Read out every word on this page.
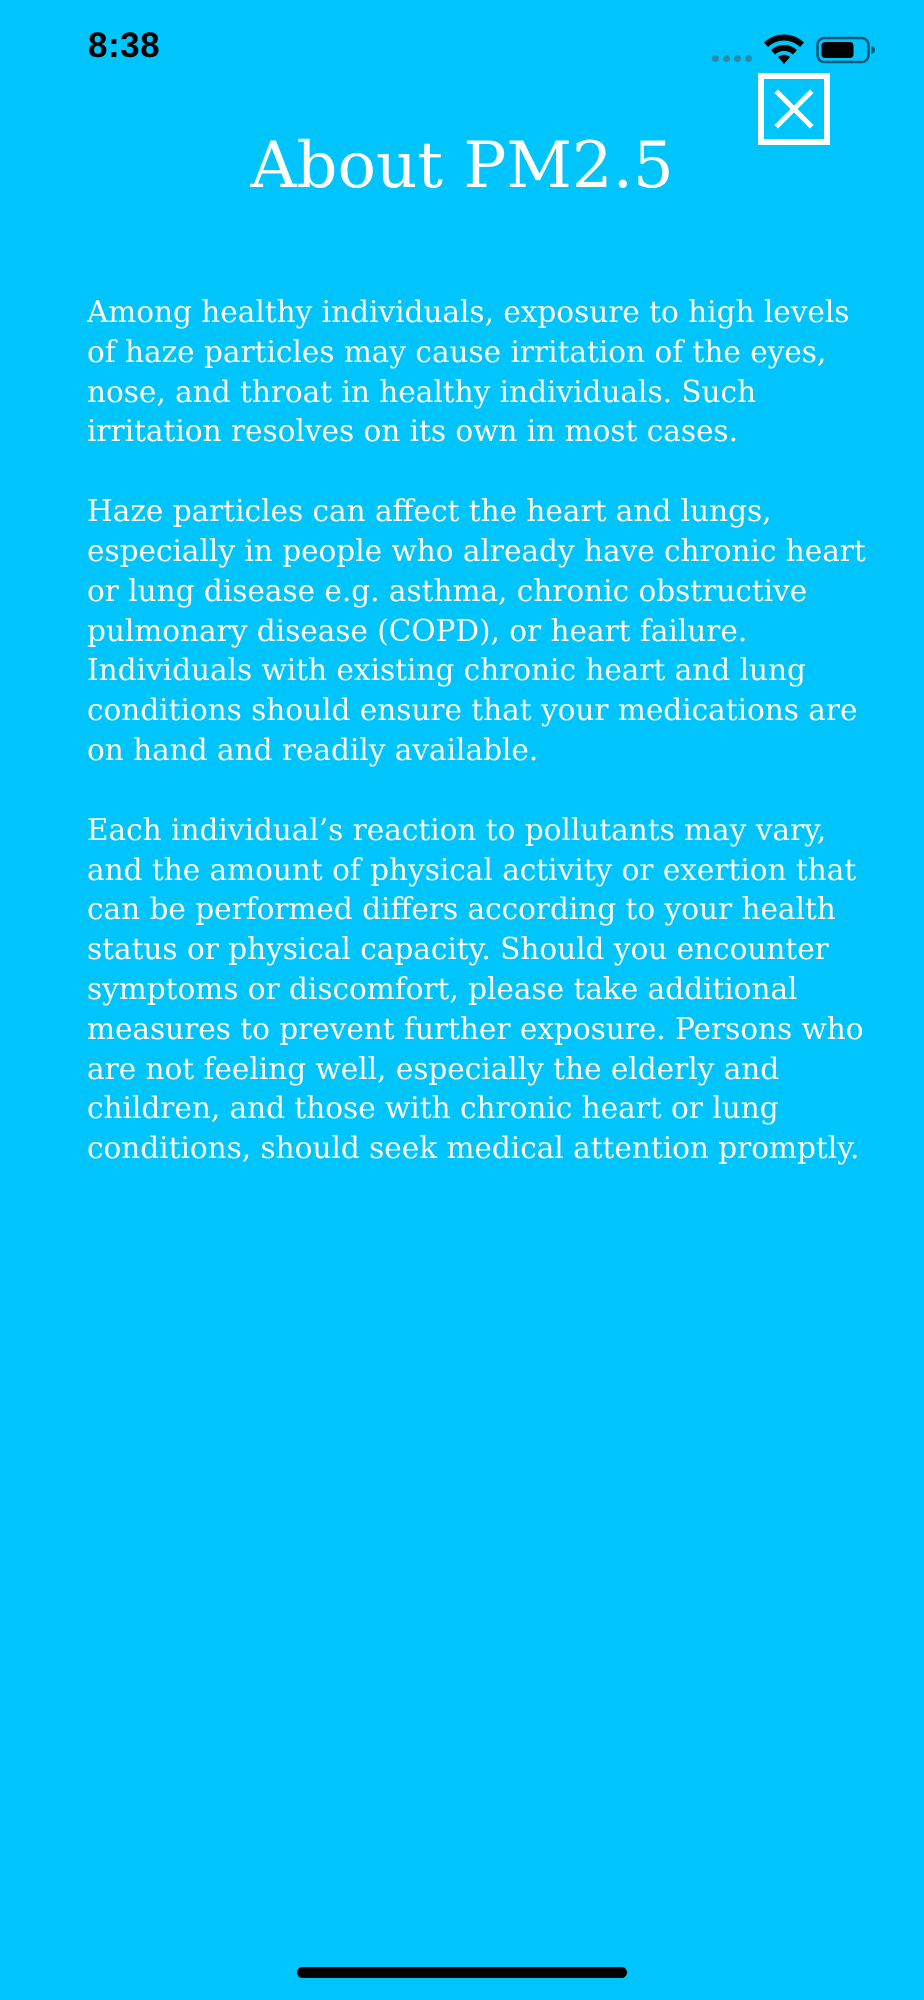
8:38
About PM2.5

Among healthy individuals, exposure to high levels of haze particles may cause irritation of the eyes, nose, and throat in healthy individuals. Such irritation resolves on its own in most cases.

Haze particles can affect the heart and lungs, especially in people who already have chronic heart or lung disease e.g. asthma, chronic obstructive pulmonary disease (COPD), or heart failure. Individuals with existing chronic heart and lung conditions should ensure that your medications are on hand and readily available.

Each individual’s reaction to pollutants may vary, and the amount of physical activity or exertion that can be performed differs according to your health status or physical capacity. Should you encounter symptoms or discomfort, please take additional measures to prevent further exposure. Persons who are not feeling well, especially the elderly and children, and those with chronic heart or lung conditions, should seek medical attention promptly.
